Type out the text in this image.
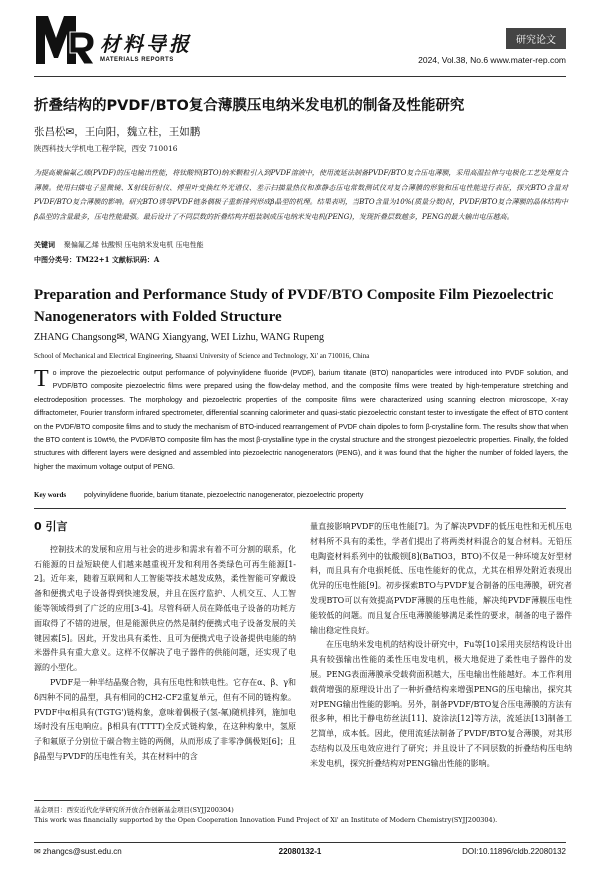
材料导报
MATERIALS REPORTS
研究论文
2024, Vol.38, No.6 www.mater-rep.com
折叠结构的PVDF/BTO复合薄膜压电纳米发电机的制备及性能研究
张昌松✉，王向阳，魏立柱，王如鹏
陕西科技大学机电工程学院，西安 710016
为提高聚偏氟乙烯(PVDF)的压电输出性能，将钛酸钡(BTO)纳米颗粒引入到PVDF溶液中，使用流延法制备PVDF/BTO复合压电薄膜，采用高温拉伸与电极化工艺处理复合薄膜。使用扫描电子显微镜、X射线衍射仪、傅里叶变换红外光谱仪、差示扫描量热仪和准静态压电常数测试仪对复合薄膜的形貌和压电性能进行表征，探究BTO含量对PVDF/BTO复合薄膜的影响。研究BTO诱导PVDF链条偶极子重新排列形成β晶型的机理。结果表明，当BTO含量为10%(质量分数)时，PVDF/BTO复合薄膜的晶体结构中β晶型的含量最多，压电性能最强。最后设计了不同层数的折叠结构并组装制成压电纳米发电机(PENG)，发现折叠层数越多，PENG的最大输出电压越高。
关键词 聚偏氟乙烯 钛酸钡 压电纳米发电机 压电性能
中图分类号：TM22+1 文献标识码：A
Preparation and Performance Study of PVDF/BTO Composite Film Piezoelectric Nanogenerators with Folded Structure
ZHANG Changsong✉, WANG Xiangyang, WEI Lizhu, WANG Rupeng
School of Mechanical and Electrical Engineering, Shaanxi University of Science and Technology, Xi' an 710016, China
To improve the piezoelectric output performance of polyvinylidene fluoride (PVDF), barium titanate (BTO) nanoparticles were introduced into PVDF solution, and PVDF/BTO composite piezoelectric films were prepared using the flow-delay method, and the composite films were treated by high-temperature stretching and electrodeposition processes. The morphology and piezoelectric properties of the composite films were characterized using scanning electron microscope, X-ray diffractometer, Fourier transform infrared spectrometer, differential scanning calorimeter and quasi-static piezoelectric constant tester to investigate the effect of BTO content on the PVDF/BTO composite films and to study the mechanism of BTO-induced rearrangement of PVDF chain dipoles to form β-crystalline form. The results show that when the BTO content is 10wt%, the PVDF/BTO composite film has the most β-crystalline type in the crystal structure and the strongest piezoelectric properties. Finally, the folded structures with different layers were designed and assembled into piezoelectric nanogenerators (PENG), and it was found that the higher the number of folded layers, the higher the maximum voltage output of PENG.
Key words	polyvinylidene fluoride, barium titanate, piezoelectric nanogenerator, piezoelectric property
0 引言

控制技术的发展和应用与社会的进步和需求有着不可分割的联系，化石能源的日益短缺使人们越来越重视开发和利用各类绿色可再生能源[1-2]。近年来，随着互联网和人工智能等技术越发成熟，柔性智能可穿戴设备和便携式电子设备得到快速发展，并且在医疗监护、人机交互、人工智能等领域得到了广泛的应用[3-4]。尽管科研人员在降低电子设备的功耗方面取得了不错的进展，但是能源供应仍然是制约便携式电子设备发展的关键因素[5]。因此，开发出具有柔性、且可为便携式电子设备提供电能的纳米器件具有重大意义。这样不仅解决了电子器件的供能问题，还实现了电源的小型化。

PVDF是一种半结晶聚合物，具有压电性和铁电性。它存在α、β、γ和δ四种不同的晶型，具有相同的CH2-CF2重复单元，但有不同的链构象。PVDF中α相具有(TGTG')链构象，意味着偶极子(氢-氟)随机排列，施加电场时没有压电响应。β相具有(TTTT)全反式链构象，在这种构象中，氢原子和氟原子分别位于碳合物主链的两侧，从而形成了非零净偶极矩[6]；且β晶型与PVDF的压电性有关，其在材料中的含

量直接影响PVDF的压电性能[7]。为了解决PVDF的低压电性和无机压电材料所不具有的柔性，学者们提出了将两类材料混合的复合材料。无铅压电陶瓷材料系列中的钛酸钡[8](BaTiO3，BTO)不仅是一种环境友好型材料，而且具有介电损耗低、压电性能好的优点，尤其在相界处附近表现出优异的压电性能[9]。初步探索BTO与PVDF复合制备的压电薄膜，研究者发现BTO可以有效提高PVDF薄膜的压电性能，解决纯PVDF薄膜压电性能较低的问题。而且复合压电薄膜能够满足柔性的要求，制备的电子器件输出稳定性良好。

在压电纳米发电机的结构设计研究中，Fu等[10]采用夹层结构设计出具有较强输出性能的柔性压电发电机，极大地促进了柔性电子器件的发展。PENG表面薄膜承受载荷面积越大，压电输出性能越好。本工作利用载荷增强的原理设计出了一种折叠结构来增强PENG的压电输出，探究其对PENG输出性能的影响。另外，制备PVDF/BTO复合压电薄膜的方法有很多种，相比于静电纺丝法[11]、旋涂法[12]等方法，流延法[13]制备工艺简单，成本低。因此，使用流延法制备了PVDF/BTO复合薄膜，对其形态结构以及压电效应进行了研究；并且设计了不同层数的折叠结构压电纳米发电机，探究折叠结构对PENG输出性能的影响。

基金项目：西安近代化学研究所开放合作创新基金项目(SYJJ200304)
This work was financially supported by the Open Cooperation Innovation Fund Project of Xi' an Institute of Modern Chemistry(SYJJ200304).
✉ zhangcs@sust.edu.cn	22080132-1	DOI:10.11896/cldb.22080132
